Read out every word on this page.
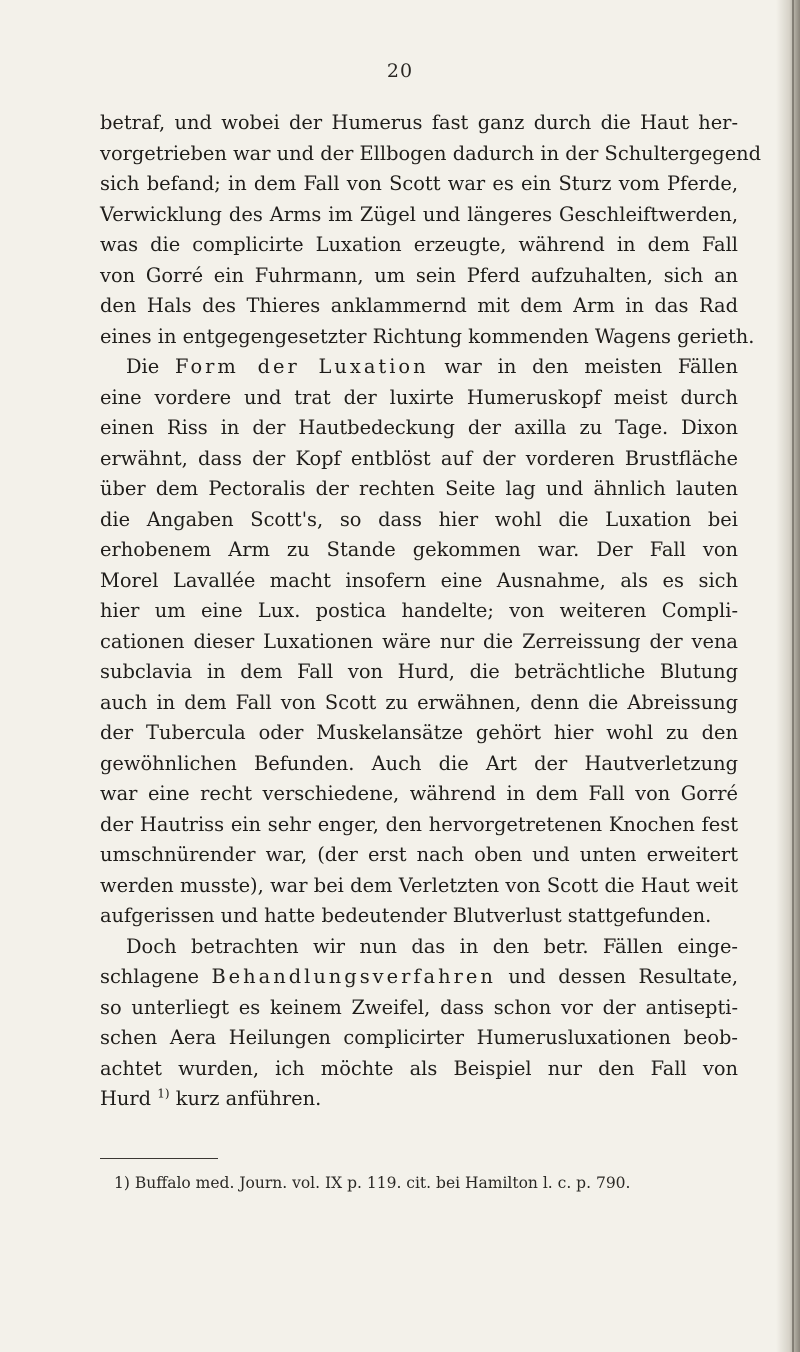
20
betraf, und wobei der Humerus fast ganz durch die Haut her-
vorgetrieben war und der Ellbogen dadurch in der Schultergegend
sich befand; in dem Fall von Scott war es ein Sturz vom Pferde,
Verwicklung des Arms im Zügel und längeres Geschleiftwerden,
was die complicirte Luxation erzeugte, während in dem Fall
von Gorré ein Fuhrmann, um sein Pferd aufzuhalten, sich an
den Hals des Thieres anklammernd mit dem Arm in das Rad
eines in entgegengesetzter Richtung kommenden Wagens gerieth.
Die Form der Luxation war in den meisten Fällen
eine vordere und trat der luxirte Humeruskopf meist durch
einen Riss in der Hautbedeckung der axilla zu Tage. Dixon
erwähnt, dass der Kopf entblöst auf der vorderen Brustfläche
über dem Pectoralis der rechten Seite lag und ähnlich lauten
die Angaben Scott's, so dass hier wohl die Luxation bei
erhobenem Arm zu Stande gekommen war. Der Fall von
Morel Lavallée macht insofern eine Ausnahme, als es sich
hier um eine Lux. postica handelte; von weiteren Compli-
cationen dieser Luxationen wäre nur die Zerreissung der vena
subclavia in dem Fall von Hurd, die beträchtliche Blutung
auch in dem Fall von Scott zu erwähnen, denn die Abreissung
der Tubercula oder Muskelansätze gehört hier wohl zu den
gewöhnlichen Befunden. Auch die Art der Hautverletzung
war eine recht verschiedene, während in dem Fall von Gorré
der Hautriss ein sehr enger, den hervorgetretenen Knochen fest
umschnürender war, (der erst nach oben und unten erweitert
werden musste), war bei dem Verletzten von Scott die Haut weit
aufgerissen und hatte bedeutender Blutverlust stattgefunden.
Doch betrachten wir nun das in den betr. Fällen einge-
schlagene Behandlungsverfahren und dessen Resultate,
so unterliegt es keinem Zweifel, dass schon vor der antisepti-
schen Aera Heilungen complicirter Humerusluxationen beob-
achtet wurden, ich möchte als Beispiel nur den Fall von
Hurd $^{1)}$ kurz anführen.
1) Buffalo med. Journ. vol. IX p. 119. cit. bei Hamilton l. c. p. 790.
